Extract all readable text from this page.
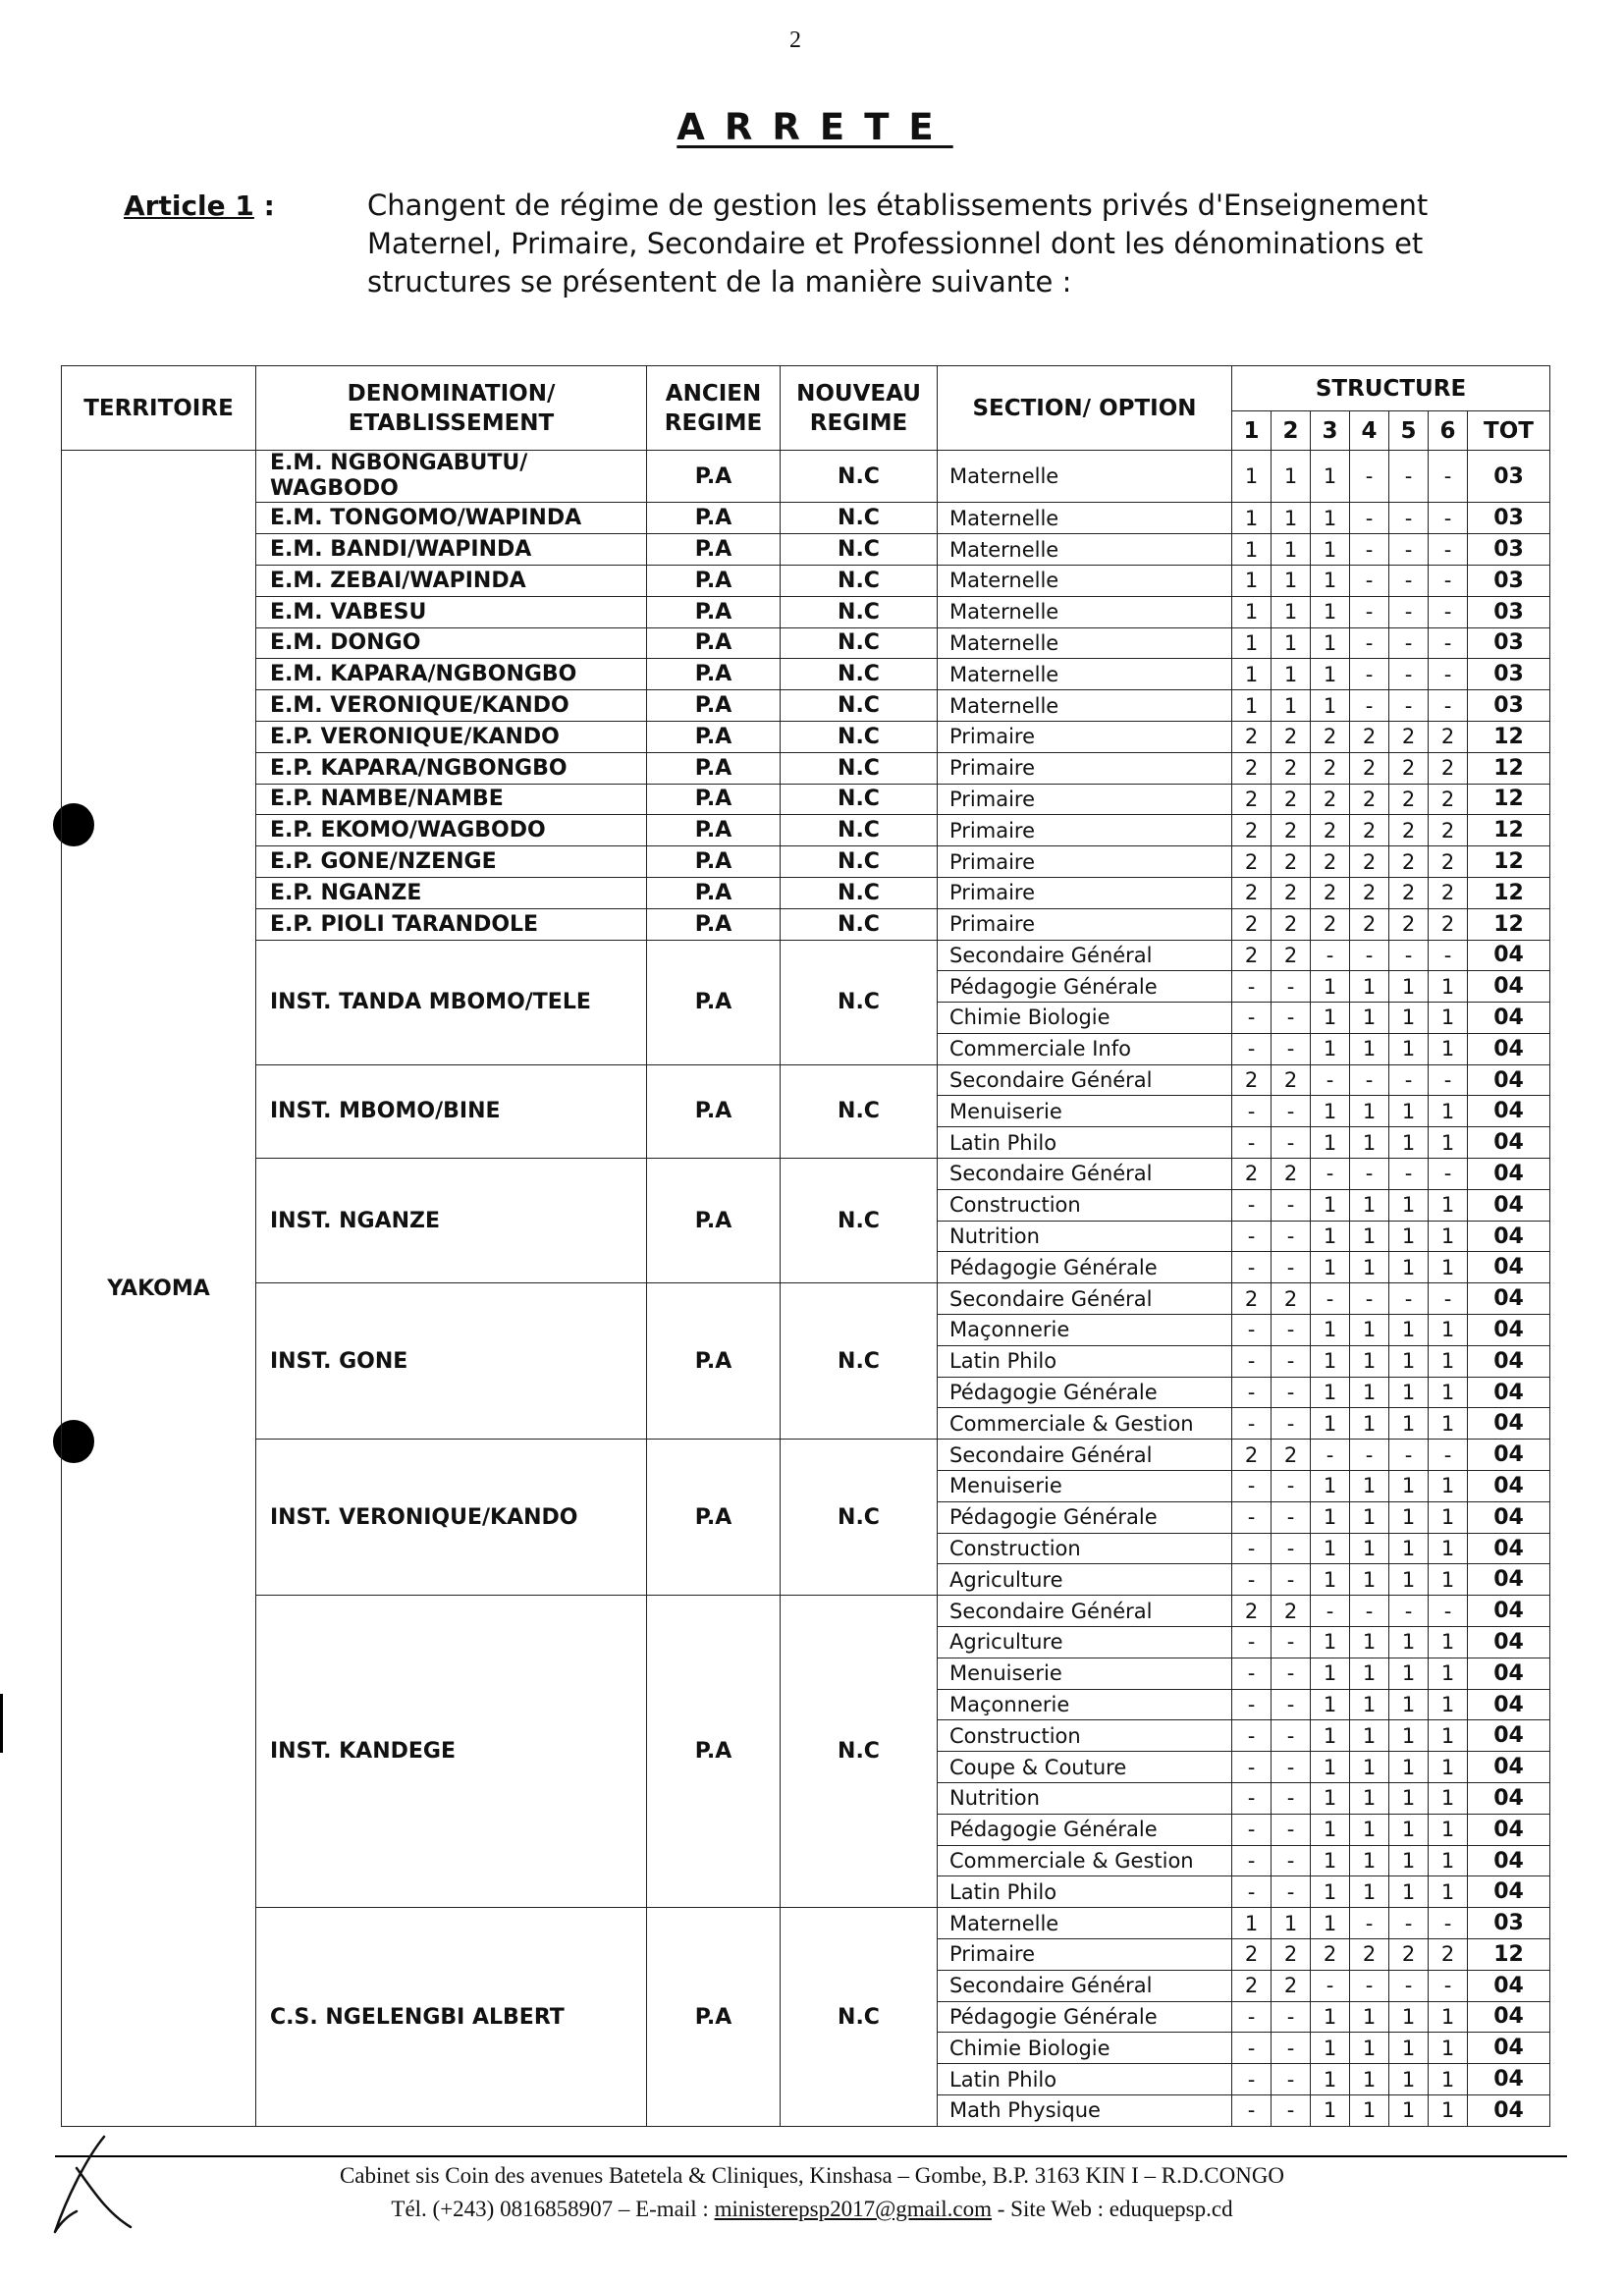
2
ARRETE
Article 1 :	Changent de régime de gestion les établissements privés d'Enseignement Maternel, Primaire, Secondaire et Professionnel dont les dénominations et structures se présentent de la manière suivante :
TERRITOIRE	DENOMINATION/ ETABLISSEMENT	ANCIEN REGIME	NOUVEAU REGIME	SECTION/ OPTION	STRUCTURE						
					1	2	3	4	5	6	TOT
YAKOMA	E.M. NGBONGABUTU/ WAGBODO	P.A	N.C	Maternelle	1	1	1	-	-	-	03
	E.M. TONGOMO/WAPINDA	P.A	N.C	Maternelle	1	1	1	-	-	-	03
	E.M. BANDI/WAPINDA	P.A	N.C	Maternelle	1	1	1	-	-	-	03
	E.M. ZEBAI/WAPINDA	P.A	N.C	Maternelle	1	1	1	-	-	-	03
	E.M. VABESU	P.A	N.C	Maternelle	1	1	1	-	-	-	03
	E.M. DONGO	P.A	N.C	Maternelle	1	1	1	-	-	-	03
	E.M. KAPARA/NGBONGBO	P.A	N.C	Maternelle	1	1	1	-	-	-	03
	E.M. VERONIQUE/KANDO	P.A	N.C	Maternelle	1	1	1	-	-	-	03
	E.P. VERONIQUE/KANDO	P.A	N.C	Primaire	2	2	2	2	2	2	12
	E.P. KAPARA/NGBONGBO	P.A	N.C	Primaire	2	2	2	2	2	2	12
	E.P. NAMBE/NAMBE	P.A	N.C	Primaire	2	2	2	2	2	2	12
	E.P. EKOMO/WAGBODO	P.A	N.C	Primaire	2	2	2	2	2	2	12
	E.P. GONE/NZENGE	P.A	N.C	Primaire	2	2	2	2	2	2	12
	E.P. NGANZE	P.A	N.C	Primaire	2	2	2	2	2	2	12
	E.P. PIOLI TARANDOLE	P.A	N.C	Primaire	2	2	2	2	2	2	12
	INST. TANDA MBOMO/TELE	P.A	N.C	Secondaire Général	2	2	-	-	-	-	04
				Pédagogie Générale	-	-	1	1	1	1	04
				Chimie Biologie	-	-	1	1	1	1	04
				Commerciale Info	-	-	1	1	1	1	04
	INST. MBOMO/BINE	P.A	N.C	Secondaire Général	2	2	-	-	-	-	04
				Menuiserie	-	-	1	1	1	1	04
				Latin Philo	-	-	1	1	1	1	04
	INST. NGANZE	P.A	N.C	Secondaire Général	2	2	-	-	-	-	04
				Construction	-	-	1	1	1	1	04
				Nutrition	-	-	1	1	1	1	04
				Pédagogie Générale	-	-	1	1	1	1	04
	INST. GONE	P.A	N.C	Secondaire Général	2	2	-	-	-	-	04
				Maçonnerie	-	-	1	1	1	1	04
				Latin Philo	-	-	1	1	1	1	04
				Pédagogie Générale	-	-	1	1	1	1	04
				Commerciale & Gestion	-	-	1	1	1	1	04
	INST. VERONIQUE/KANDO	P.A	N.C	Secondaire Général	2	2	-	-	-	-	04
				Menuiserie	-	-	1	1	1	1	04
				Pédagogie Générale	-	-	1	1	1	1	04
				Construction	-	-	1	1	1	1	04
				Agriculture	-	-	1	1	1	1	04
	INST. KANDEGE	P.A	N.C	Secondaire Général	2	2	-	-	-	-	04
				Agriculture	-	-	1	1	1	1	04
				Menuiserie	-	-	1	1	1	1	04
				Maçonnerie	-	-	1	1	1	1	04
				Construction	-	-	1	1	1	1	04
				Coupe & Couture	-	-	1	1	1	1	04
				Nutrition	-	-	1	1	1	1	04
				Pédagogie Générale	-	-	1	1	1	1	04
				Commerciale & Gestion	-	-	1	1	1	1	04
				Latin Philo	-	-	1	1	1	1	04
	C.S. NGELENGBI ALBERT	P.A	N.C	Maternelle	1	1	1	-	-	-	03
				Primaire	2	2	2	2	2	2	12
				Secondaire Général	2	2	-	-	-	-	04
				Pédagogie Générale	-	-	1	1	1	1	04
				Chimie Biologie	-	-	1	1	1	1	04
				Latin Philo	-	-	1	1	1	1	04
				Math Physique	-	-	1	1	1	1	04
Cabinet sis Coin des avenues Batetela & Cliniques, Kinshasa – Gombe, B.P. 3163 KIN I – R.D.CONGO
Tél. (+243) 0816858907 – E-mail : ministerepsp2017@gmail.com - Site Web : eduquepsp.cd
